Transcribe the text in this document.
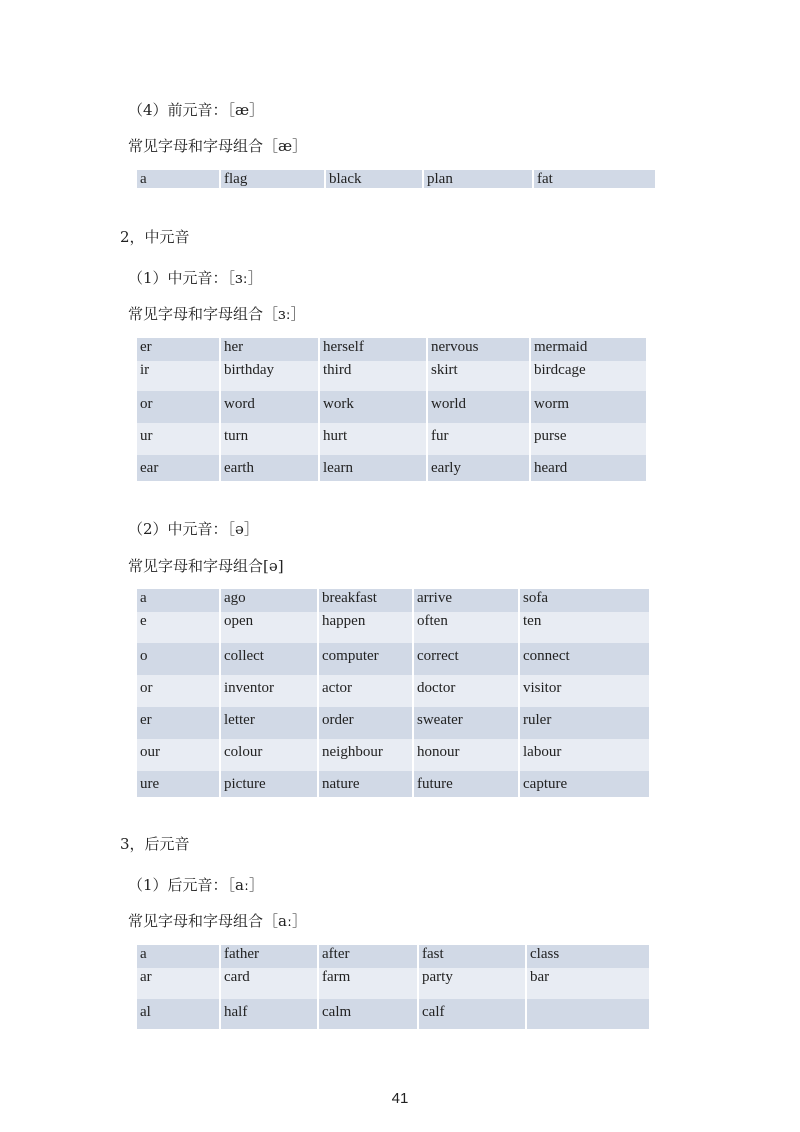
（4）前元音：［æ］
常见字母和字母组合［æ］
a	flag	black	plan	fat
2，中元音
（1）中元音：［ɜː］
常见字母和字母组合［ɜː］
er	her	herself	nervous	mermaid
ir	birthday	third	skirt	birdcage
or	word	work	world	worm
ur	turn	hurt	fur	purse
ear	earth	learn	early	heard
（2）中元音：［ə］
常见字母和字母组合[ə]
a	ago	breakfast	arrive	sofa
e	open	happen	often	ten
o	collect	computer	correct	connect
or	inventor	actor	doctor	visitor
er	letter	order	sweater	ruler
our	colour	neighbour	honour	labour
ure	picture	nature	future	capture
3，后元音
（1）后元音：［aː］
常见字母和字母组合［aː］
a	father	after	fast	class
ar	card	farm	party	bar
al	half	calm	calf	
41
